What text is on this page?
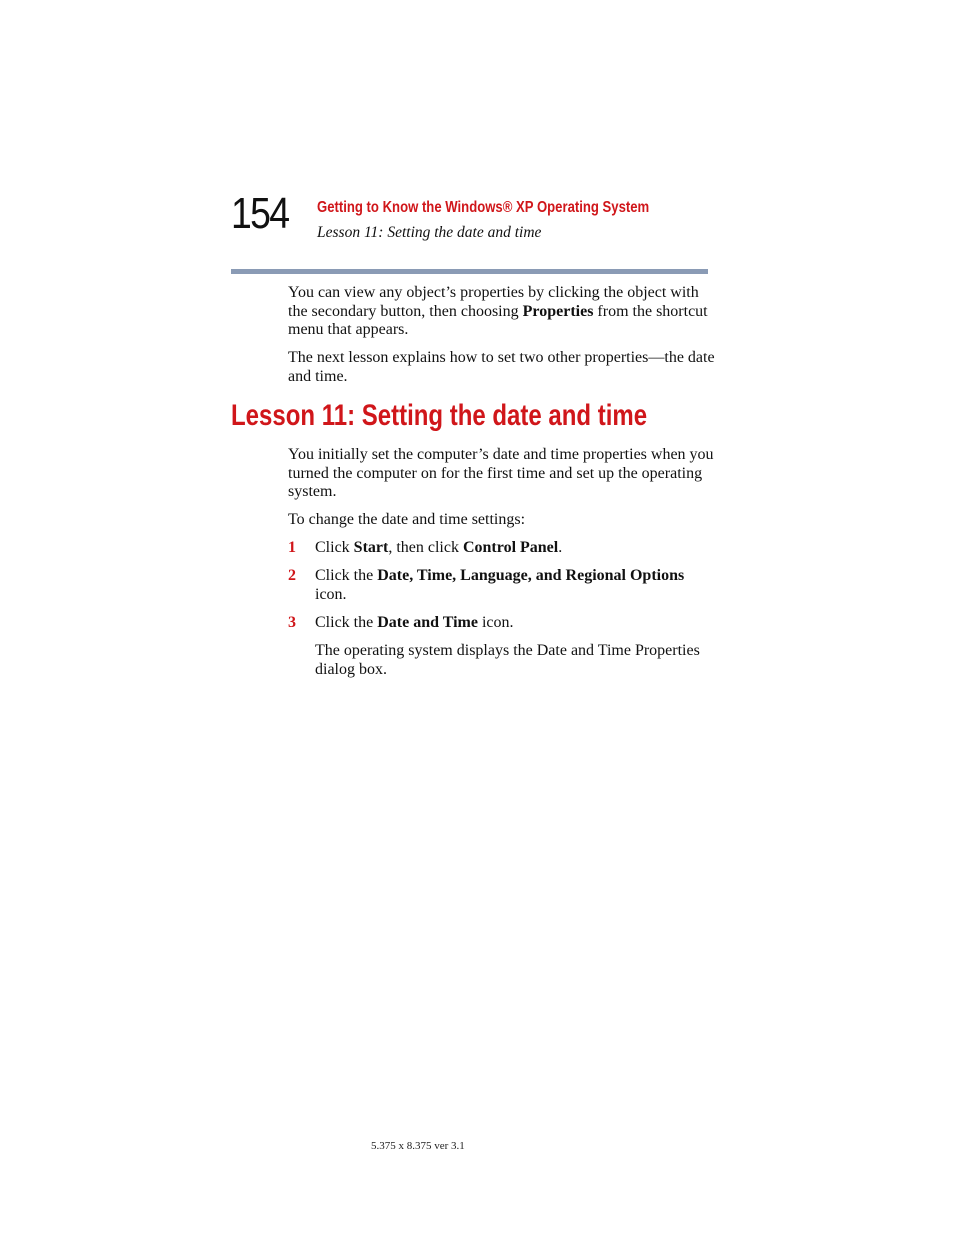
154 Getting to Know the Windows® XP Operating System
Lesson 11: Setting the date and time

You can view any object’s properties by clicking the object with the secondary button, then choosing Properties from the shortcut menu that appears.

The next lesson explains how to set two other properties—the date and time.

Lesson 11: Setting the date and time

You initially set the computer’s date and time properties when you turned the computer on for the first time and set up the operating system.

To change the date and time settings:

1 Click Start, then click Control Panel.
2 Click the Date, Time, Language, and Regional Options icon.
3 Click the Date and Time icon.
The operating system displays the Date and Time Properties dialog box.
5.375 x 8.375 ver 3.1
